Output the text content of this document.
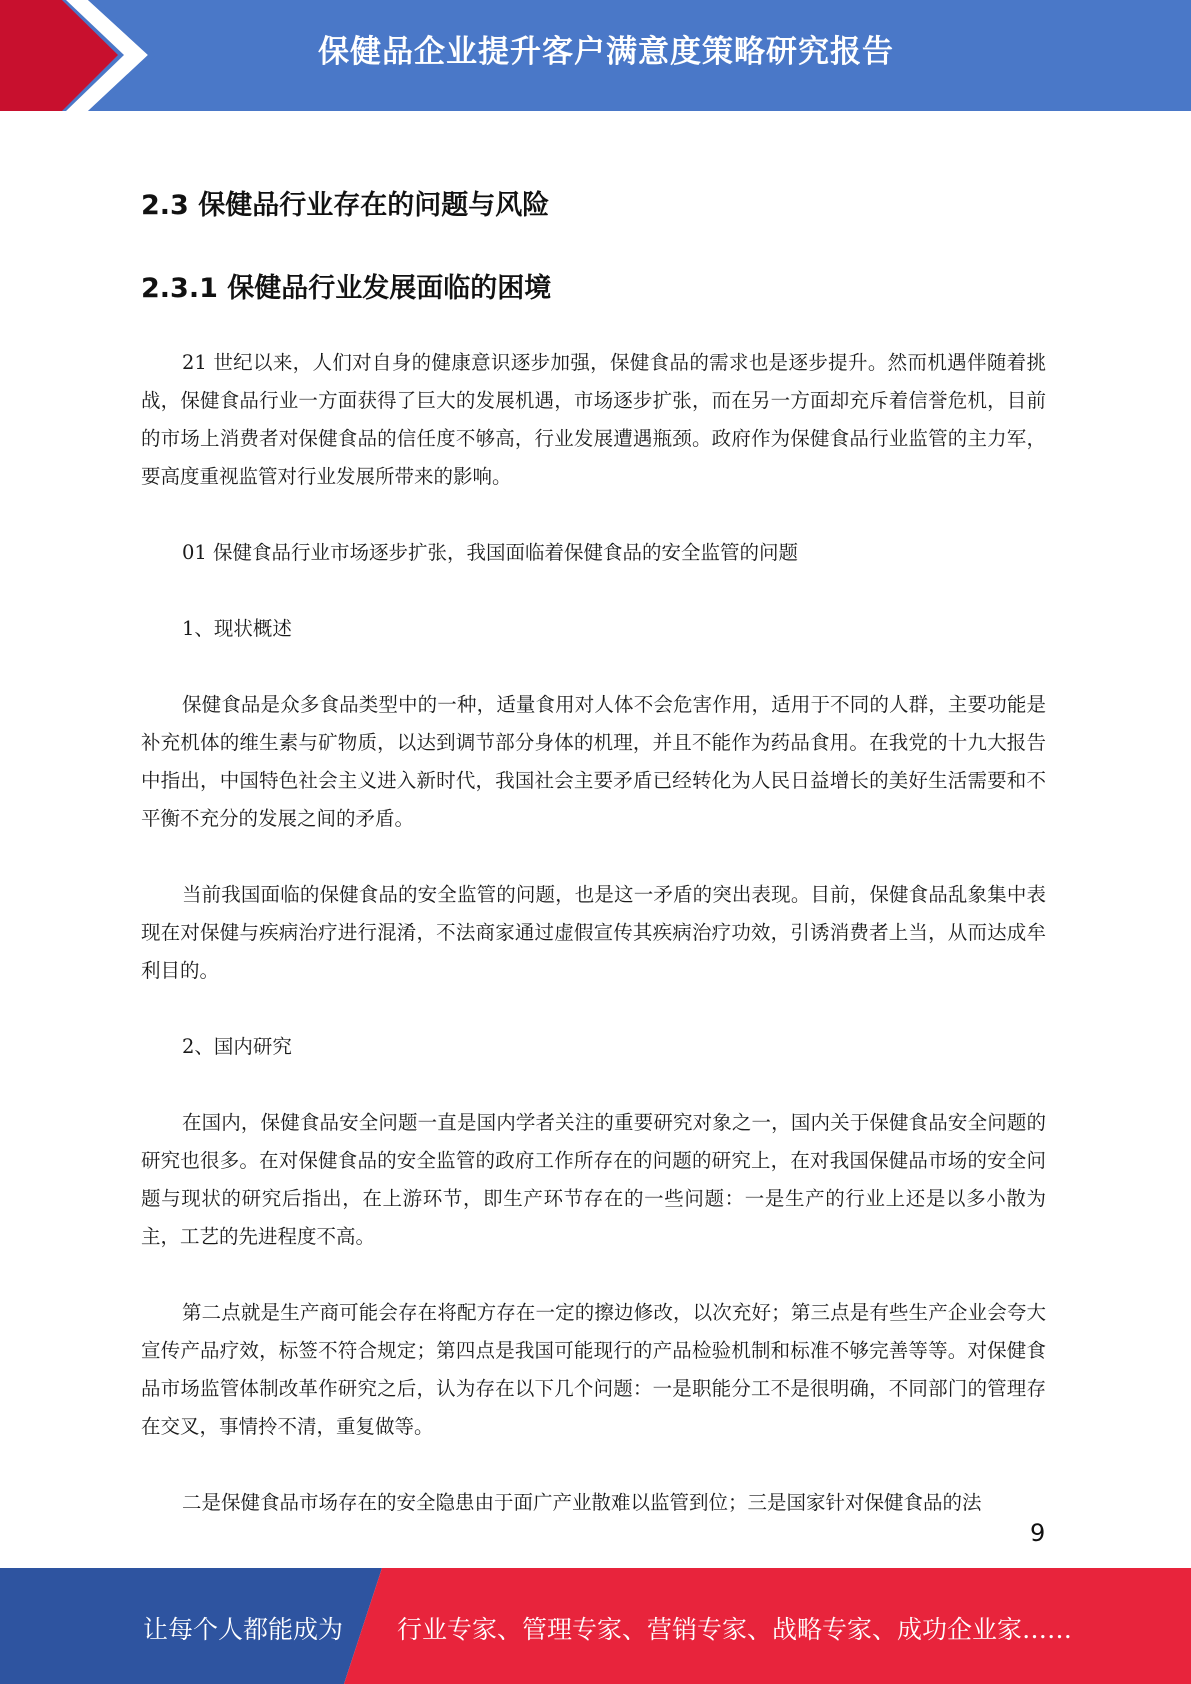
保健品企业提升客户满意度策略研究报告
2.3 保健品行业存在的问题与风险
2.3.1 保健品行业发展面临的困境

21 世纪以来，人们对自身的健康意识逐步加强，保健食品的需求也是逐步提升。然而机遇伴随着挑战，保健食品行业一方面获得了巨大的发展机遇，市场逐步扩张，而在另一方面却充斥着信誉危机，目前的市场上消费者对保健食品的信任度不够高，行业发展遭遇瓶颈。政府作为保健食品行业监管的主力军，要高度重视监管对行业发展所带来的影响。

01 保健食品行业市场逐步扩张，我国面临着保健食品的安全监管的问题

1、现状概述

保健食品是众多食品类型中的一种，适量食用对人体不会危害作用，适用于不同的人群，主要功能是补充机体的维生素与矿物质，以达到调节部分身体的机理，并且不能作为药品食用。在我党的十九大报告中指出，中国特色社会主义进入新时代，我国社会主要矛盾已经转化为人民日益增长的美好生活需要和不平衡不充分的发展之间的矛盾。

当前我国面临的保健食品的安全监管的问题，也是这一矛盾的突出表现。目前，保健食品乱象集中表现在对保健与疾病治疗进行混淆，不法商家通过虚假宣传其疾病治疗功效，引诱消费者上当，从而达成牟利目的。

2、国内研究

在国内，保健食品安全问题一直是国内学者关注的重要研究对象之一，国内关于保健食品安全问题的研究也很多。在对保健食品的安全监管的政府工作所存在的问题的研究上，在对我国保健品市场的安全问题与现状的研究后指出，在上游环节，即生产环节存在的一些问题：一是生产的行业上还是以多小散为主，工艺的先进程度不高。

第二点就是生产商可能会存在将配方存在一定的擦边修改，以次充好；第三点是有些生产企业会夸大宣传产品疗效，标签不符合规定；第四点是我国可能现行的产品检验机制和标准不够完善等等。对保健食品市场监管体制改革作研究之后，认为存在以下几个问题：一是职能分工不是很明确，不同部门的管理存在交叉，事情拎不清，重复做等。

二是保健食品市场存在的安全隐患由于面广产业散难以监管到位；三是国家针对保健食品的法

9
让每个人都能成为 行业专家、管理专家、营销专家、战略专家、成功企业家……
